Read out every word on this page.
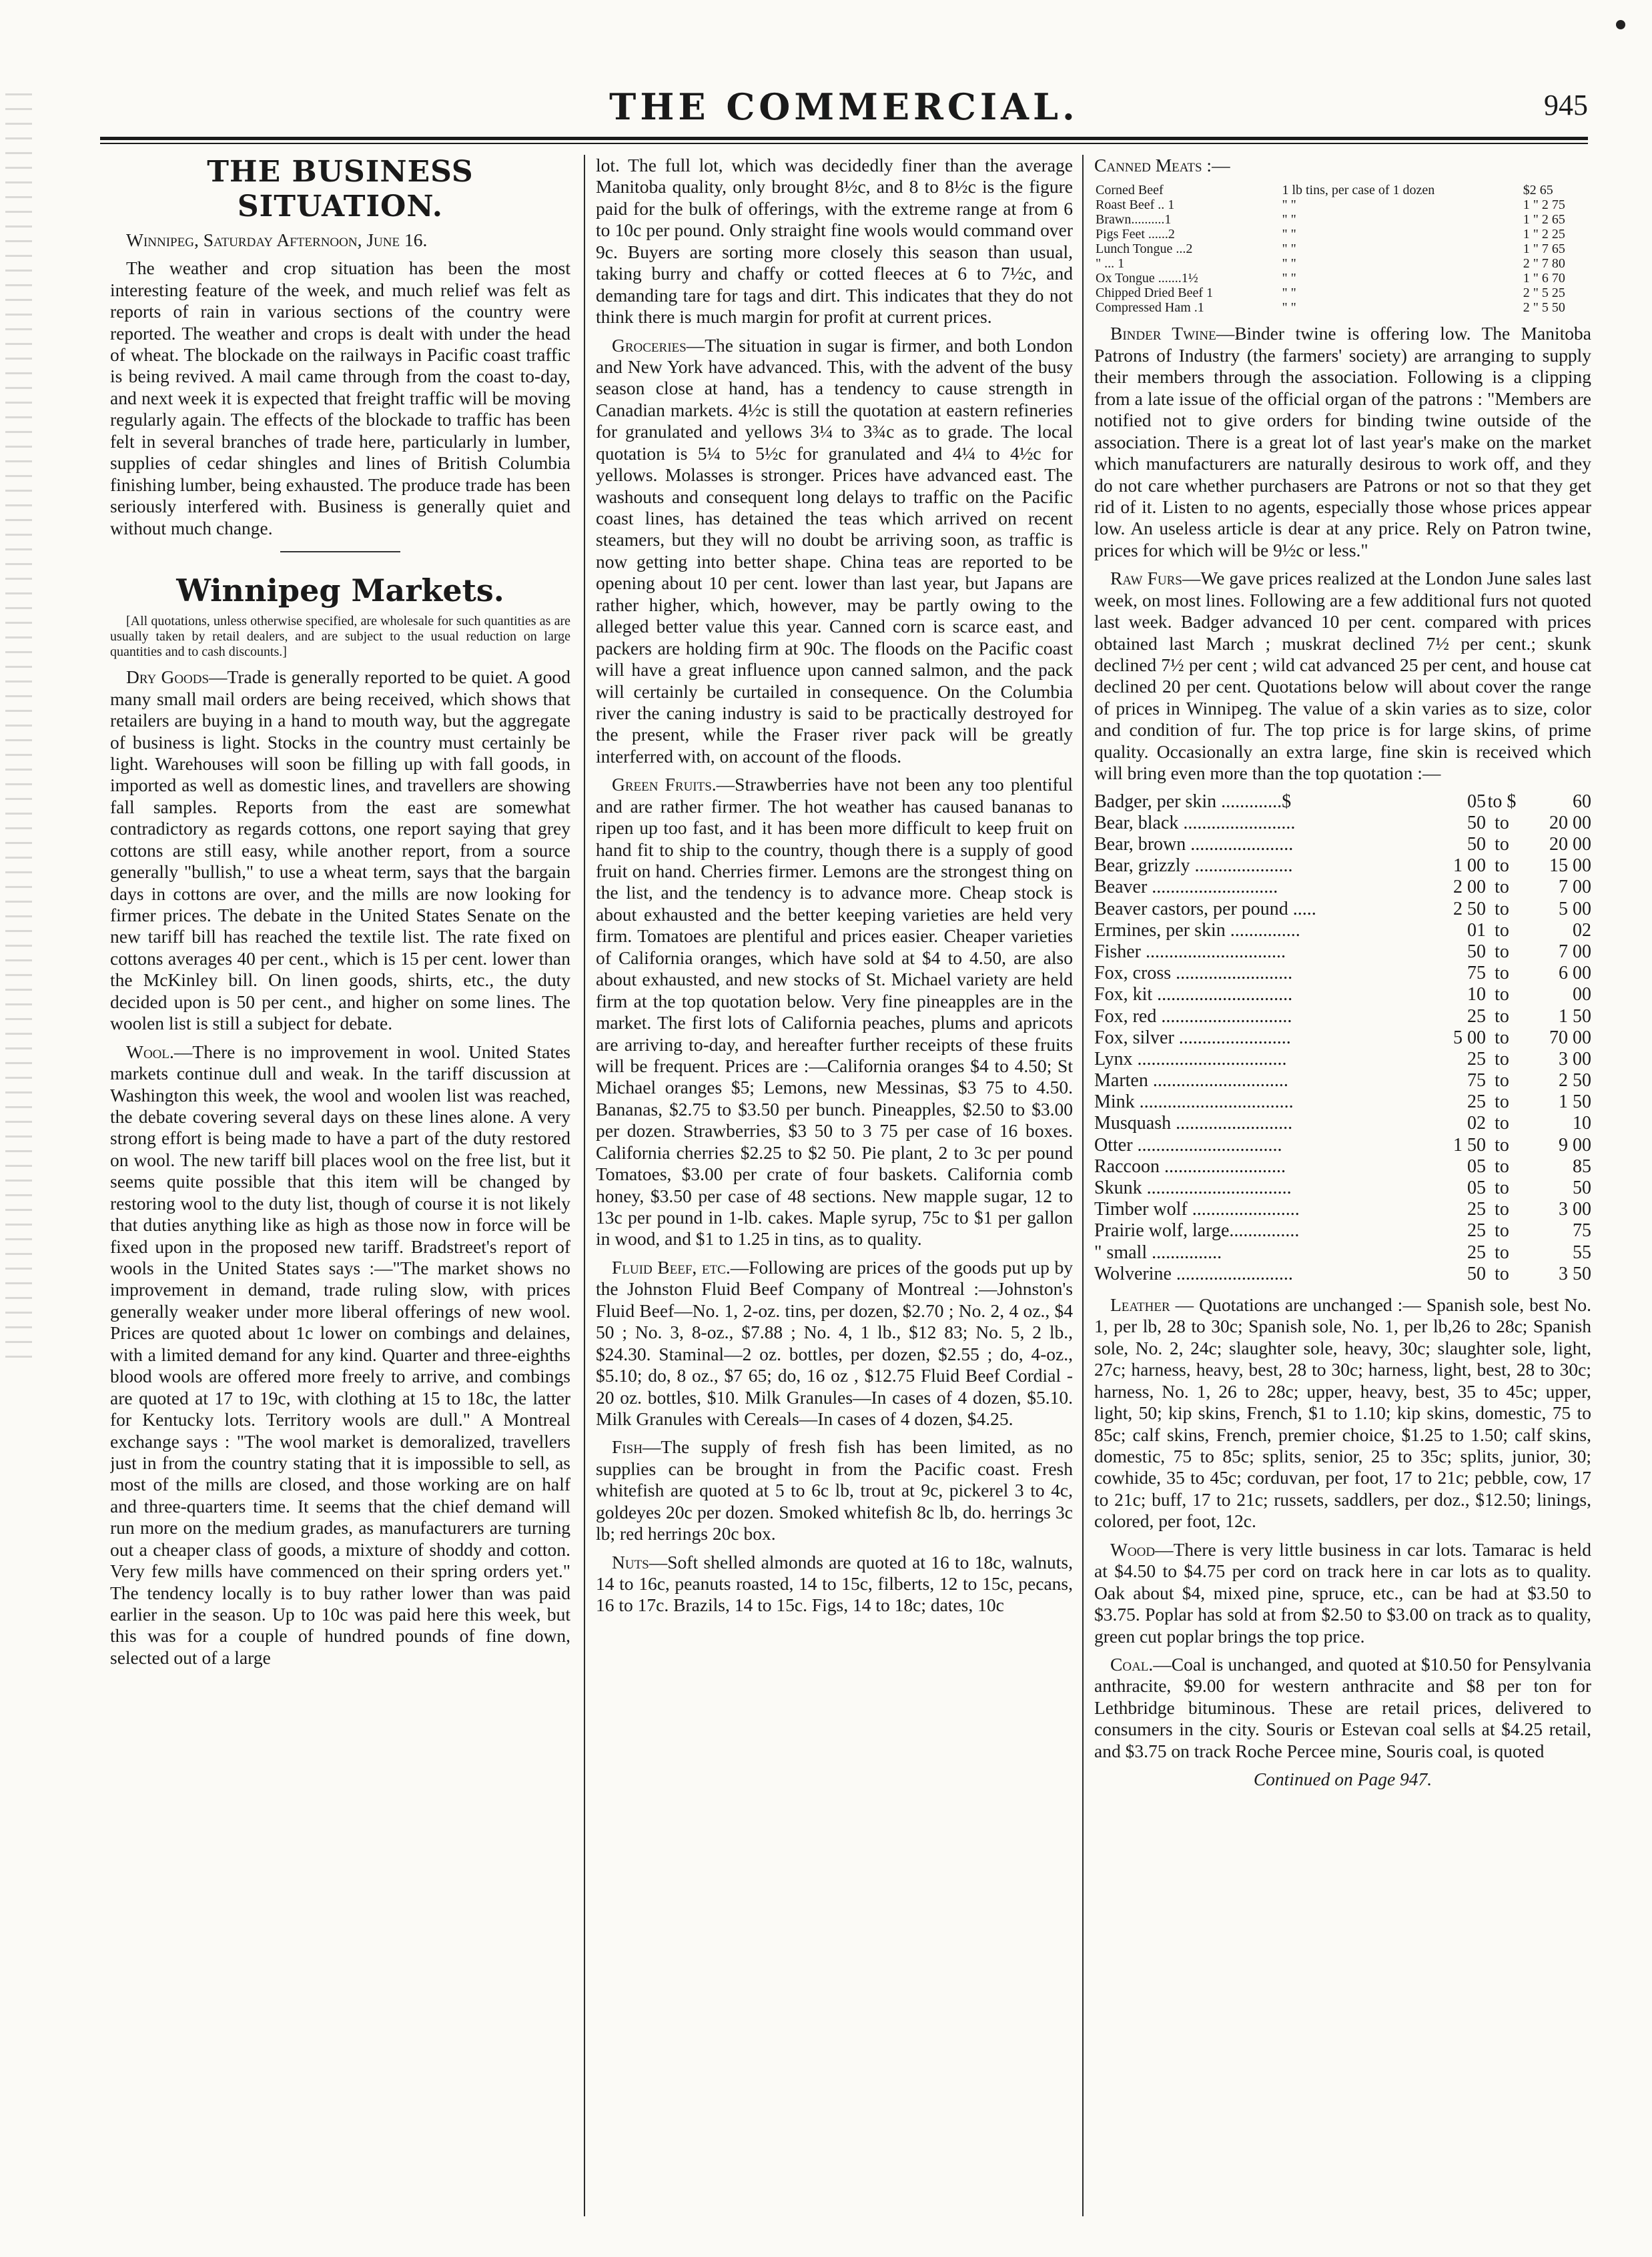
THE COMMERCIAL.	945
THE BUSINESS SITUATION.

Winnipeg, Saturday Afternoon, June 16.

The weather and crop situation has been the most interesting feature of the week, and much relief was felt as reports of rain in various sections of the country were reported. The weather and crops is dealt with under the head of wheat. The blockade on the railways in Pacific coast traffic is being revived. A mail came through from the coast to-day, and next week it is expected that freight traffic will be moving regularly again. The effects of the blockade to traffic has been felt in several branches of trade here, particularly in lumber, supplies of cedar shingles and lines of British Columbia finishing lumber, being exhausted. The produce trade has been seriously interfered with. Business is generally quiet and without much change.

Winnipeg Markets.

[All quotations, unless otherwise specified, are wholesale for such quantities as are usually taken by retail dealers, and are subject to the usual reduction on large quantities and to cash discounts.]

Dry Goods—Trade is generally reported to be quiet. A good many small mail orders are being received, which shows that retailers are buying in a hand to mouth way, but the aggregate of business is light. Stocks in the country must certainly be light. Warehouses will soon be filling up with fall goods, in imported as well as domestic lines, and travellers are showing fall samples. Reports from the east are somewhat contradictory as regards cottons, one report saying that grey cottons are still easy, while another report, from a source generally "bullish," to use a wheat term, says that the bargain days in cottons are over, and the mills are now looking for firmer prices. The debate in the United States Senate on the new tariff bill has reached the textile list. The rate fixed on cottons averages 40 per cent., which is 15 per cent. lower than the McKinley bill. On linen goods, shirts, etc., the duty decided upon is 50 per cent., and higher on some lines. The woolen list is still a subject for debate.

Wool.—There is no improvement in wool. United States markets continue dull and weak. In the tariff discussion at Washington this week, the wool and woolen list was reached, the debate covering several days on these lines alone. A very strong effort is being made to have a part of the duty restored on wool. The new tariff bill places wool on the free list, but it seems quite possible that this item will be changed by restoring wool to the duty list, though of course it is not likely that duties anything like as high as those now in force will be fixed upon in the proposed new tariff. Bradstreet's report of wools in the United States says :—"The market shows no improvement in demand, trade ruling slow, with prices generally weaker under more liberal offerings of new wool. Prices are quoted about 1c lower on combings and delaines, with a limited demand for any kind. Quarter and three-eighths blood wools are offered more freely to arrive, and combings are quoted at 17 to 19c, with clothing at 15 to 18c, the latter for Kentucky lots. Territory wools are dull." A Montreal exchange says : "The wool market is demoralized, travellers just in from the country stating that it is impossible to sell, as most of the mills are closed, and those working are on half and three-quarters time. It seems that the chief demand will run more on the medium grades, as manufacturers are turning out a cheaper class of goods, a mixture of shoddy and cotton. Very few mills have commenced on their spring orders yet." The tendency locally is to buy rather lower than was paid earlier in the season. Up to 10c was paid here this week, but this was for a couple of hundred pounds of fine down, selected out of a large

lot. The full lot, which was decidedly finer than the average Manitoba quality, only brought 8½c, and 8 to 8½c is the figure paid for the bulk of offerings, with the extreme range at from 6 to 10c per pound. Only straight fine wools would command over 9c. Buyers are sorting more closely this season than usual, taking burry and chaffy or cotted fleeces at 6 to 7½c, and demanding tare for tags and dirt. This indicates that they do not think there is much margin for profit at current prices.

Groceries—The situation in sugar is firmer, and both London and New York have advanced. This, with the advent of the busy season close at hand, has a tendency to cause strength in Canadian markets. 4½c is still the quotation at eastern refineries for granulated and yellows 3¼ to 3¾c as to grade. The local quotation is 5¼ to 5½c for granulated and 4¼ to 4½c for yellows. Molasses is stronger. Prices have advanced east. The washouts and consequent long delays to traffic on the Pacific coast lines, has detained the teas which arrived on recent steamers, but they will no doubt be arriving soon, as traffic is now getting into better shape. China teas are reported to be opening about 10 per cent. lower than last year, but Japans are rather higher, which, however, may be partly owing to the alleged better value this year. Canned corn is scarce east, and packers are holding firm at 90c. The floods on the Pacific coast will have a great influence upon canned salmon, and the pack will certainly be curtailed in consequence. On the Columbia river the caning industry is said to be practically destroyed for the present, while the Fraser river pack will be greatly interferred with, on account of the floods.

Green Fruits.—Strawberries have not been any too plentiful and are rather firmer. The hot weather has caused bananas to ripen up too fast, and it has been more difficult to keep fruit on hand fit to ship to the country, though there is a supply of good fruit on hand. Cherries firmer. Lemons are the strongest thing on the list, and the tendency is to advance more. Cheap stock is about exhausted and the better keeping varieties are held very firm. Tomatoes are plentiful and prices easier. Cheaper varieties of California oranges, which have sold at $4 to 4.50, are also about exhausted, and new stocks of St. Michael variety are held firm at the top quotation below. Very fine pineapples are in the market. The first lots of California peaches, plums and apricots are arriving to-day, and hereafter further receipts of these fruits will be frequent. Prices are :—California oranges $4 to 4.50; St Michael oranges $5; Lemons, new Messinas, $3 75 to 4.50. Bananas, $2.75 to $3.50 per bunch. Pineapples, $2.50 to $3.00 per dozen. Strawberries, $3 50 to 3 75 per case of 16 boxes. California cherries $2.25 to $2 50. Pie plant, 2 to 3c per pound Tomatoes, $3.00 per crate of four baskets. California comb honey, $3.50 per case of 48 sections. New mapple sugar, 12 to 13c per pound in 1-lb. cakes. Maple syrup, 75c to $1 per gallon in wood, and $1 to 1.25 in tins, as to quality.

Fluid Beef, etc.—Following are prices of the goods put up by the Johnston Fluid Beef Company of Montreal :—Johnston's Fluid Beef—No. 1, 2-oz. tins, per dozen, $2.70 ; No. 2, 4 oz., $4 50 ; No. 3, 8-oz., $7.88 ; No. 4, 1 lb., $12 83; No. 5, 2 lb., $24.30. Staminal—2 oz. bottles, per dozen, $2.55 ; do, 4-oz., $5.10; do, 8 oz., $7 65; do, 16 oz , $12.75 Fluid Beef Cordial - 20 oz. bottles, $10. Milk Granules—In cases of 4 dozen, $5.10. Milk Granules with Cereals—In cases of 4 dozen, $4.25.

Fish—The supply of fresh fish has been limited, as no supplies can be brought in from the Pacific coast. Fresh whitefish are quoted at 5 to 6c lb, trout at 9c, pickerel 3 to 4c, goldeyes 20c per dozen. Smoked whitefish 8c lb, do. herrings 3c lb; red herrings 20c box.

Nuts—Soft shelled almonds are quoted at 16 to 18c, walnuts, 14 to 16c, peanuts roasted, 14 to 15c, filberts, 12 to 15c, pecans, 16 to 17c. Brazils, 14 to 15c. Figs, 14 to 18c; dates, 10c

Canned Meats :—

Corned Beef	1 lb tins, per case of 1 dozen	$2 65
Roast Beef .. 1	" "	1 " 2 75
Brawn..........1	" "	1 " 2 65
Pigs Feet ......2	" "	1 " 2 25
Lunch Tongue ...2	" "	1 " 7 65
" ... 1	" "	2 " 7 80
Ox Tongue .......1½	" "	1 " 6 70
Chipped Dried Beef 1	" "	2 " 5 25
Compressed Ham .1	" "	2 " 5 50

Binder Twine—Binder twine is offering low. The Manitoba Patrons of Industry (the farmers' society) are arranging to supply their members through the association. Following is a clipping from a late issue of the official organ of the patrons : "Members are notified not to give orders for binding twine outside of the association. There is a great lot of last year's make on the market which manufacturers are naturally desirous to work off, and they do not care whether purchasers are Patrons or not so that they get rid of it. Listen to no agents, especially those whose prices appear low. An useless article is dear at any price. Rely on Patron twine, prices for which will be 9½c or less."

Raw Furs—We gave prices realized at the London June sales last week, on most lines. Following are a few additional furs not quoted last week. Badger advanced 10 per cent. compared with prices obtained last March ; muskrat declined 7½ per cent.; skunk declined 7½ per cent ; wild cat advanced 25 per cent, and house cat declined 20 per cent. Quotations below will about cover the range of prices in Winnipeg. The value of a skin varies as to size, color and condition of fur. The top price is for large skins, of prime quality. Occasionally an extra large, fine skin is received which will bring even more than the top quotation :—

Badger, per skin .............$	05	to $	60
Bear, black ........................	50	to	20 00
Bear, brown ......................	50	to	20 00
Bear, grizzly .....................	1 00	to	15 00
Beaver ...........................	2 00	to	7 00
Beaver castors, per pound .....	2 50	to	5 00
Ermines, per skin ...............	01	to	02
Fisher ..............................	50	to	7 00
Fox, cross .........................	75	to	6 00
Fox, kit .............................	10	to	00
Fox, red ............................	25	to	1 50
Fox, silver ........................	5 00	to	70 00
Lynx ................................	25	to	3 00
Marten .............................	75	to	2 50
Mink .................................	25	to	1 50
Musquash .........................	02	to	10
Otter ...............................	1 50	to	9 00
Raccoon ..........................	05	to	85
Skunk ...............................	05	to	50
Timber wolf .......................	25	to	3 00
Prairie wolf, large...............	25	to	75
" small ...............	25	to	55
Wolverine .........................	50	to	3 50

Leather — Quotations are unchanged :— Spanish sole, best No. 1, per lb, 28 to 30c; Spanish sole, No. 1, per lb,26 to 28c; Spanish sole, No. 2, 24c; slaughter sole, heavy, 30c; slaughter sole, light, 27c; harness, heavy, best, 28 to 30c; harness, light, best, 28 to 30c; harness, No. 1, 26 to 28c; upper, heavy, best, 35 to 45c; upper, light, 50; kip skins, French, $1 to 1.10; kip skins, domestic, 75 to 85c; calf skins, French, premier choice, $1.25 to 1.50; calf skins, domestic, 75 to 85c; splits, senior, 25 to 35c; splits, junior, 30; cowhide, 35 to 45c; corduvan, per foot, 17 to 21c; pebble, cow, 17 to 21c; buff, 17 to 21c; russets, saddlers, per doz., $12.50; linings, colored, per foot, 12c.

Wood—There is very little business in car lots. Tamarac is held at $4.50 to $4.75 per cord on track here in car lots as to quality. Oak about $4, mixed pine, spruce, etc., can be had at $3.50 to $3.75. Poplar has sold at from $2.50 to $3.00 on track as to quality, green cut poplar brings the top price.

Coal.—Coal is unchanged, and quoted at $10.50 for Pensylvania anthracite, $9.00 for western anthracite and $8 per ton for Lethbridge bituminous. These are retail prices, delivered to consumers in the city. Souris or Estevan coal sells at $4.25 retail, and $3.75 on track Roche Percee mine, Souris coal, is quoted

Continued on Page 947.
